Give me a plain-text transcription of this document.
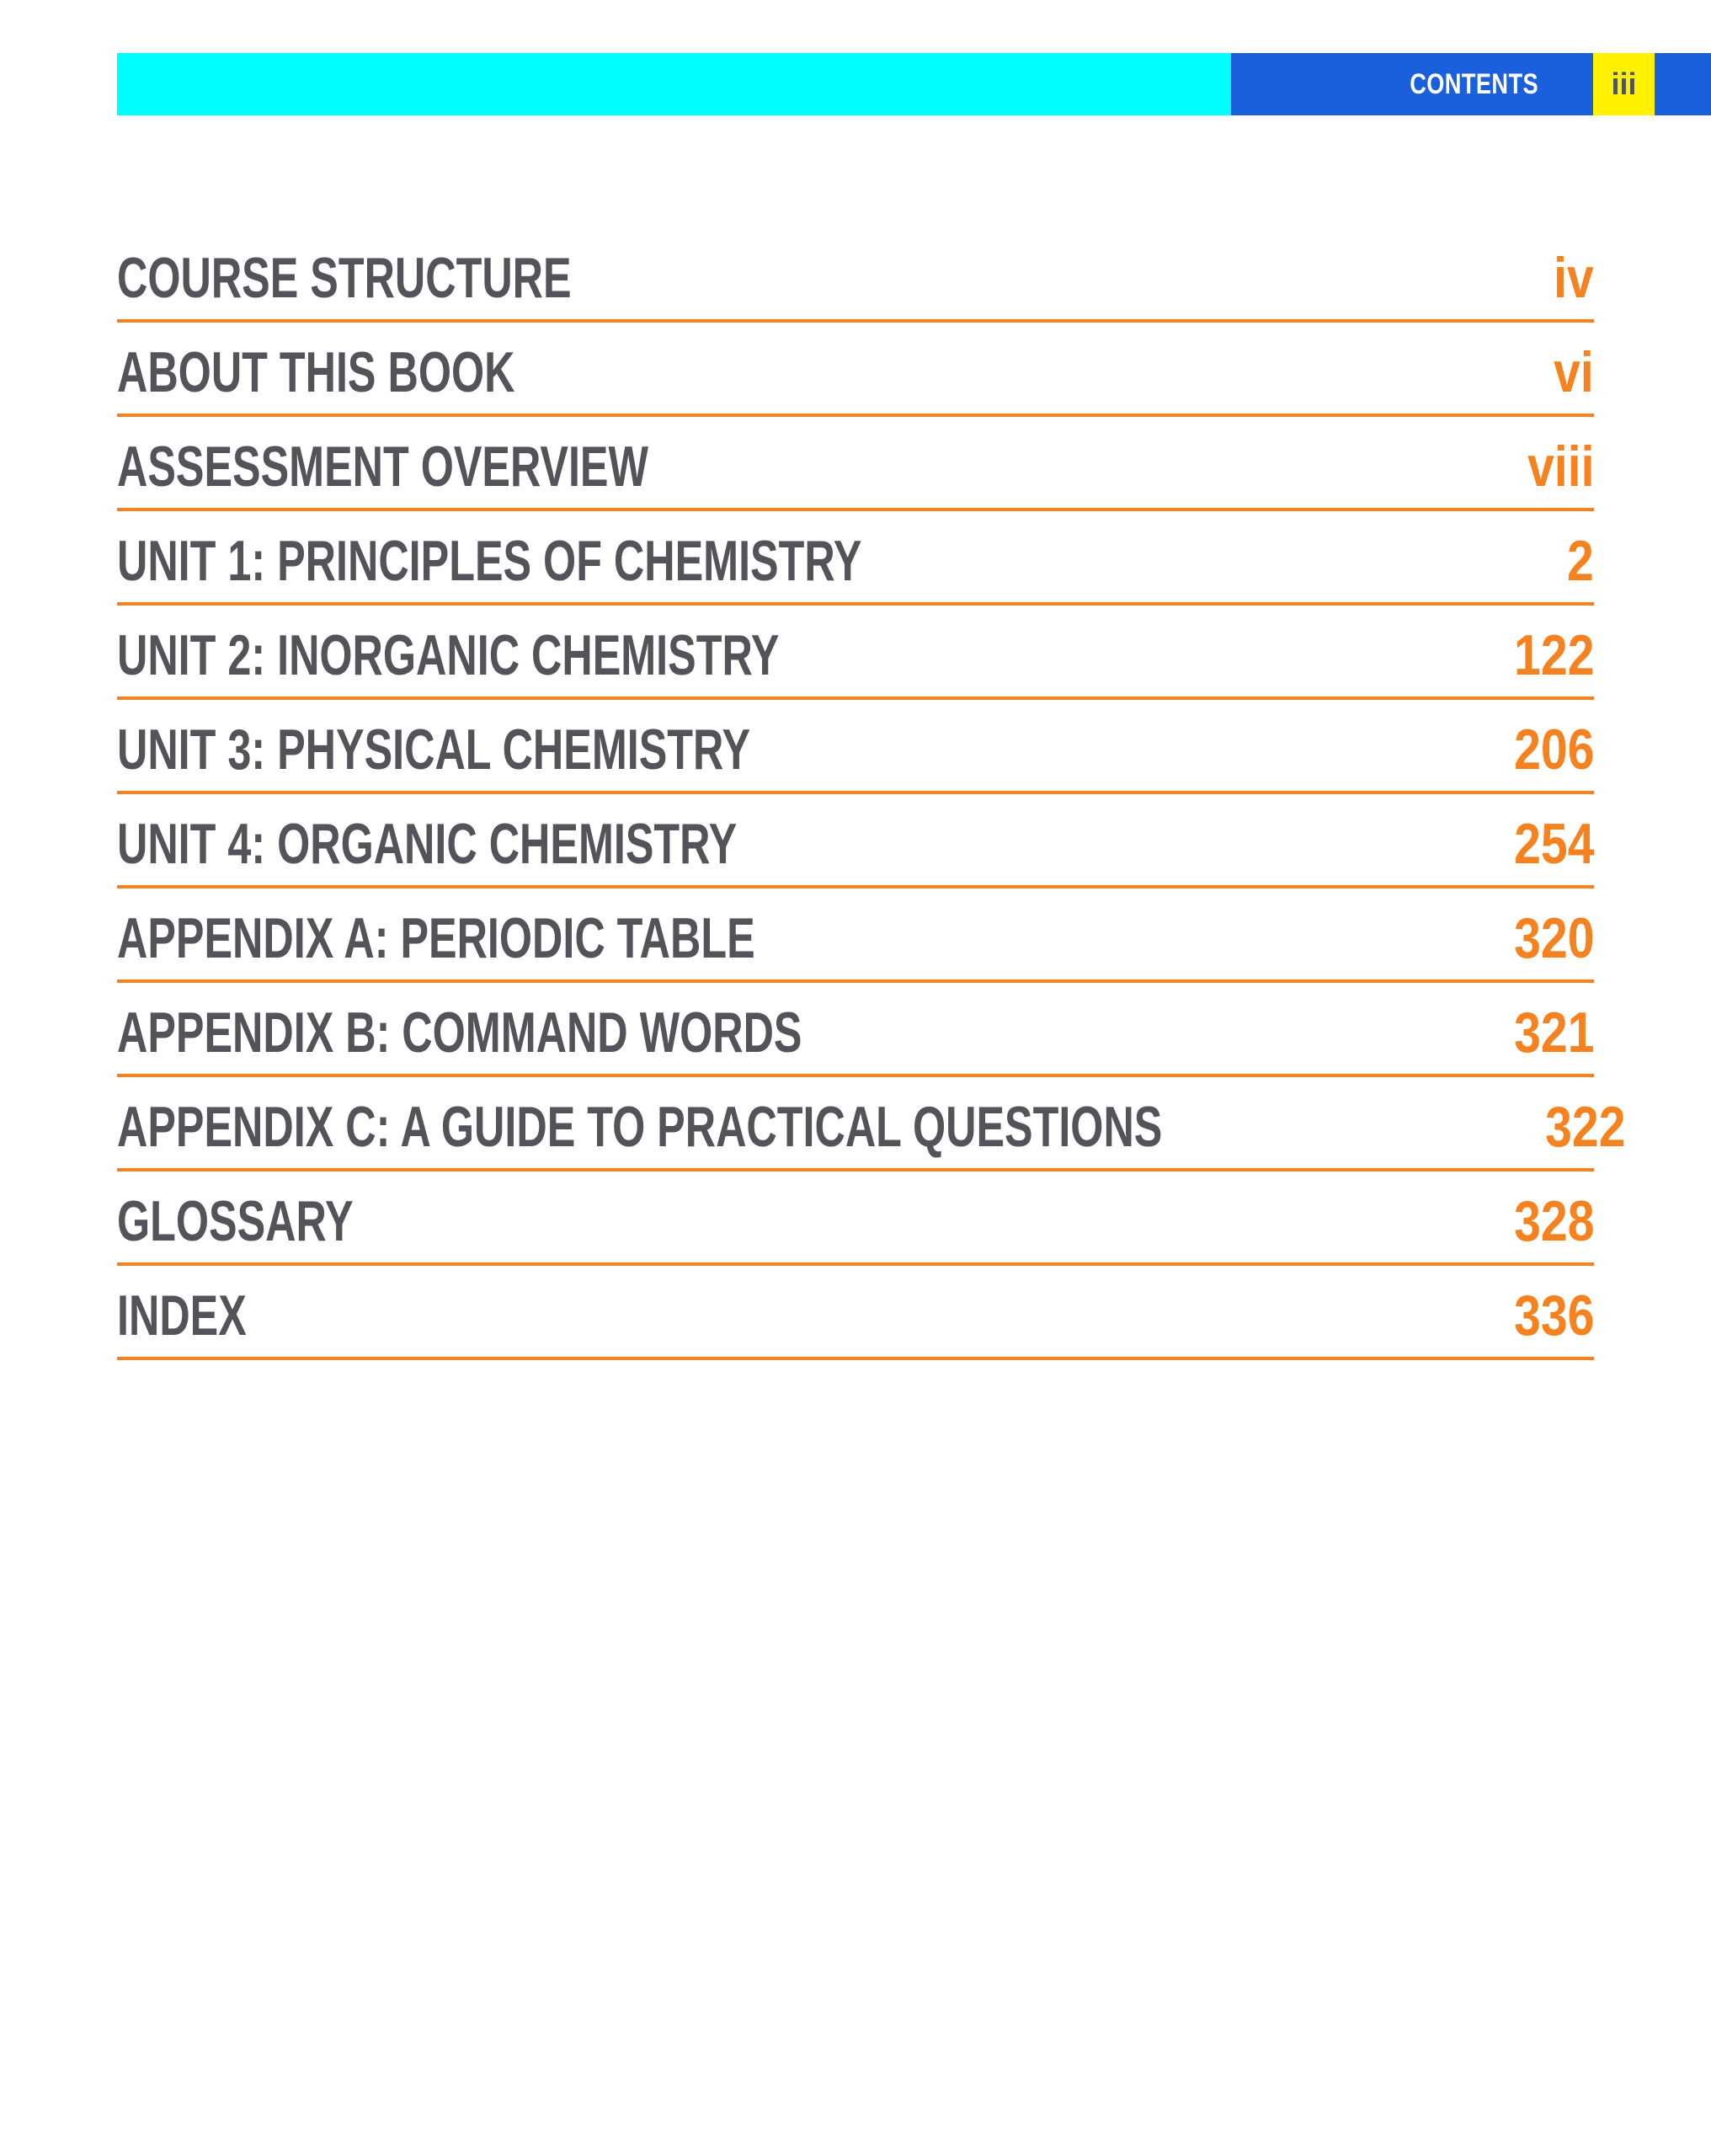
CONTENTS iii
COURSE STRUCTURE	iv
ABOUT THIS BOOK	vi
ASSESSMENT OVERVIEW	viii
UNIT 1: PRINCIPLES OF CHEMISTRY	2
UNIT 2: INORGANIC CHEMISTRY	122
UNIT 3: PHYSICAL CHEMISTRY	206
UNIT 4: ORGANIC CHEMISTRY	254
APPENDIX A: PERIODIC TABLE	320
APPENDIX B: COMMAND WORDS	321
APPENDIX C: A GUIDE TO PRACTICAL QUESTIONS	322
GLOSSARY	328
INDEX	336
